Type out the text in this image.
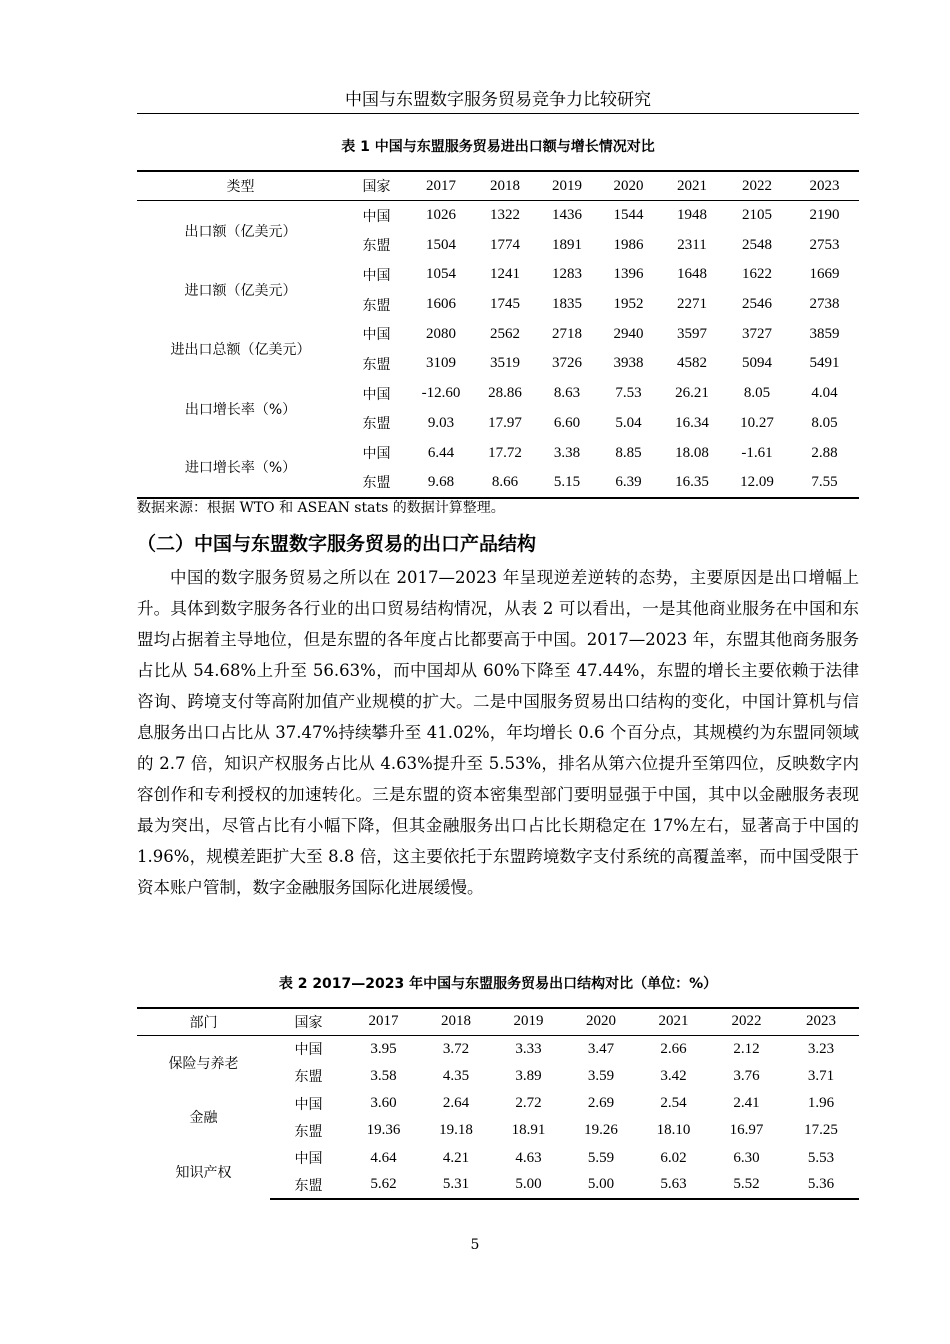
中国与东盟数字服务贸易竞争力比较研究
表 1 中国与东盟服务贸易进出口额与增长情况对比
类型	国家	2017	2018	2019	2020	2021	2022	2023
出口额（亿美元）	中国	1026	1322	1436	1544	1948	2105	2190
	东盟	1504	1774	1891	1986	2311	2548	2753
进口额（亿美元）	中国	1054	1241	1283	1396	1648	1622	1669
	东盟	1606	1745	1835	1952	2271	2546	2738
进出口总额（亿美元）	中国	2080	2562	2718	2940	3597	3727	3859
	东盟	3109	3519	3726	3938	4582	5094	5491
出口增长率（%）	中国	-12.60	28.86	8.63	7.53	26.21	8.05	4.04
	东盟	9.03	17.97	6.60	5.04	16.34	10.27	8.05
进口增长率（%）	中国	6.44	17.72	3.38	8.85	18.08	-1.61	2.88
	东盟	9.68	8.66	5.15	6.39	16.35	12.09	7.55
数据来源：根据 WTO 和 ASEAN stats 的数据计算整理。
（二）中国与东盟数字服务贸易的出口产品结构
中国的数字服务贸易之所以在 2017—2023 年呈现逆差逆转的态势，主要原因是出口增幅上升。具体到数字服务各行业的出口贸易结构情况，从表 2 可以看出，一是其他商业服务在中国和东盟均占据着主导地位，但是东盟的各年度占比都要高于中国。2017—2023 年，东盟其他商务服务占比从 54.68%上升至 56.63%，而中国却从 60%下降至 47.44%，东盟的增长主要依赖于法律咨询、跨境支付等高附加值产业规模的扩大。二是中国服务贸易出口结构的变化，中国计算机与信息服务出口占比从 37.47%持续攀升至 41.02%，年均增长 0.6 个百分点，其规模约为东盟同领域的 2.7 倍，知识产权服务占比从 4.63%提升至 5.53%，排名从第六位提升至第四位，反映数字内容创作和专利授权的加速转化。三是东盟的资本密集型部门要明显强于中国，其中以金融服务表现最为突出，尽管占比有小幅下降，但其金融服务出口占比长期稳定在 17%左右，显著高于中国的 1.96%，规模差距扩大至 8.8 倍，这主要依托于东盟跨境数字支付系统的高覆盖率，而中国受限于资本账户管制，数字金融服务国际化进展缓慢。
表 2 2017—2023 年中国与东盟服务贸易出口结构对比（单位：%）
部门	国家	2017	2018	2019	2020	2021	2022	2023
保险与养老	中国	3.95	3.72	3.33	3.47	2.66	2.12	3.23
	东盟	3.58	4.35	3.89	3.59	3.42	3.76	3.71
金融	中国	3.60	2.64	2.72	2.69	2.54	2.41	1.96
	东盟	19.36	19.18	18.91	19.26	18.10	16.97	17.25
知识产权	中国	4.64	4.21	4.63	5.59	6.02	6.30	5.53
	东盟	5.62	5.31	5.00	5.00	5.63	5.52	5.36
5
